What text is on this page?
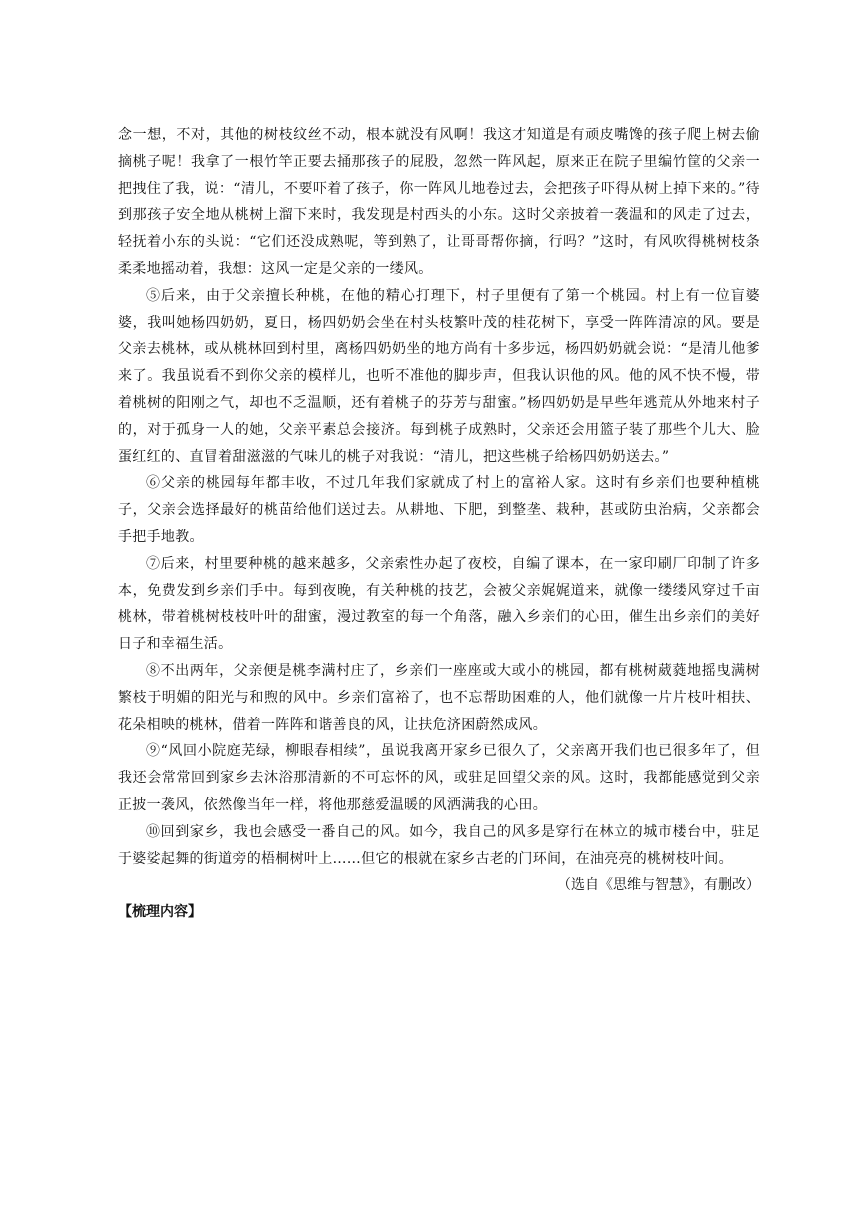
念一想，不对，其他的树枝纹丝不动，根本就没有风啊！我这才知道是有顽皮嘴馋的孩子爬上树去偷摘桃子呢！我拿了一根竹竿正要去捅那孩子的屁股，忽然一阵风起，原来正在院子里编竹筐的父亲一把拽住了我，说：“清儿，不要吓着了孩子，你一阵风儿地卷过去，会把孩子吓得从树上掉下来的。”待到那孩子安全地从桃树上溜下来时，我发现是村西头的小东。这时父亲披着一袭温和的风走了过去，轻抚着小东的头说：“它们还没成熟呢，等到熟了，让哥哥帮你摘，行吗？”这时，有风吹得桃树枝条柔柔地摇动着，我想：这风一定是父亲的一缕风。

⑤后来，由于父亲擅长种桃，在他的精心打理下，村子里便有了第一个桃园。村上有一位盲婆婆，我叫她杨四奶奶，夏日，杨四奶奶会坐在村头枝繁叶茂的桂花树下，享受一阵阵清凉的风。要是父亲去桃林，或从桃林回到村里，离杨四奶奶坐的地方尚有十多步远，杨四奶奶就会说：“是清儿他爹来了。我虽说看不到你父亲的模样儿，也听不准他的脚步声，但我认识他的风。他的风不快不慢，带着桃树的阳刚之气，却也不乏温顺，还有着桃子的芬芳与甜蜜。”杨四奶奶是早些年逃荒从外地来村子的，对于孤身一人的她，父亲平素总会接济。每到桃子成熟时，父亲还会用篮子装了那些个儿大、脸蛋红红的、直冒着甜滋滋的气味儿的桃子对我说：“清儿，把这些桃子给杨四奶奶送去。”

⑥父亲的桃园每年都丰收，不过几年我们家就成了村上的富裕人家。这时有乡亲们也要种植桃子，父亲会选择最好的桃苗给他们送过去。从耕地、下肥，到整垄、栽种，甚或防虫治病，父亲都会手把手地教。

⑦后来，村里要种桃的越来越多，父亲索性办起了夜校，自编了课本，在一家印刷厂印制了许多本，免费发到乡亲们手中。每到夜晚，有关种桃的技艺，会被父亲娓娓道来，就像一缕缕风穿过千亩桃林，带着桃树枝枝叶叶的甜蜜，漫过教室的每一个角落，融入乡亲们的心田，催生出乡亲们的美好日子和幸福生活。

⑧不出两年，父亲便是桃李满村庄了，乡亲们一座座或大或小的桃园，都有桃树葳蕤地摇曳满树繁枝于明媚的阳光与和煦的风中。乡亲们富裕了，也不忘帮助困难的人，他们就像一片片枝叶相扶、花朵相映的桃林，借着一阵阵和谐善良的风，让扶危济困蔚然成风。

⑨“风回小院庭芜绿，柳眼春相续”，虽说我离开家乡已很久了，父亲离开我们也已很多年了，但我还会常常回到家乡去沐浴那清新的不可忘怀的风，或驻足回望父亲的风。这时，我都能感觉到父亲正披一袭风，依然像当年一样，将他那慈爱温暖的风洒满我的心田。

⑩回到家乡，我也会感受一番自己的风。如今，我自己的风多是穿行在林立的城市楼台中，驻足于婆娑起舞的街道旁的梧桐树叶上……但它的根就在家乡古老的门环间，在油亮亮的桃树枝叶间。

（选自《思维与智慧》，有删改）

【梳理内容】
